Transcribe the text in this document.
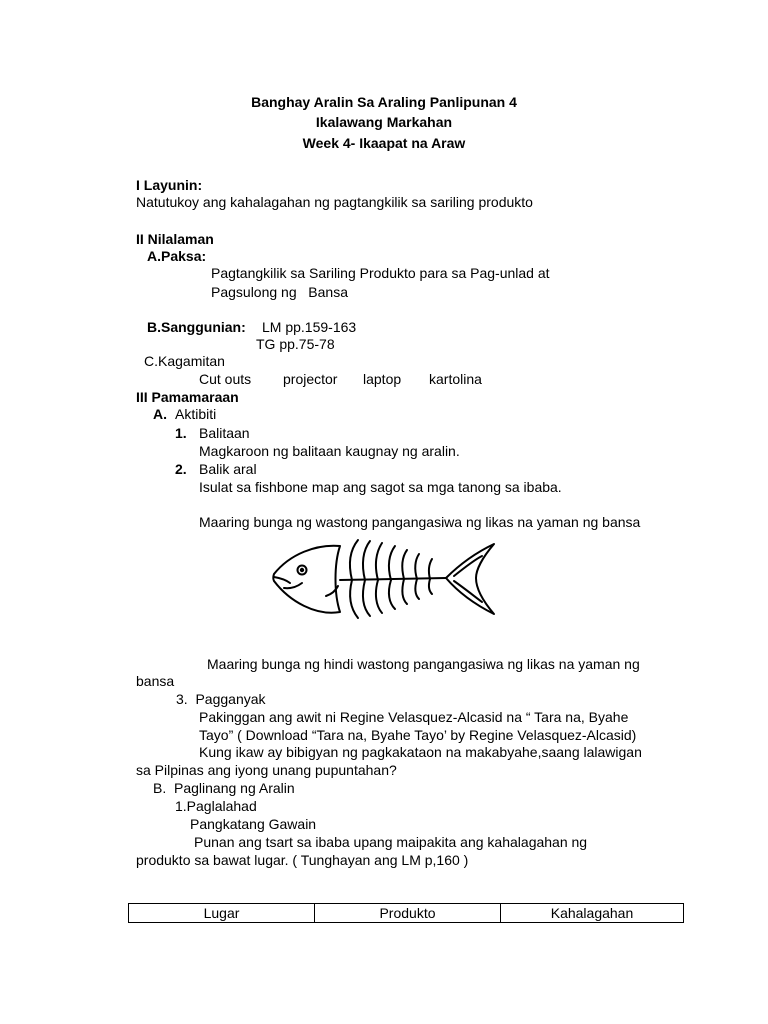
Banghay Aralin Sa Araling Panlipunan 4
Ikalawang Markahan
Week 4- Ikaapat na Araw
I Layunin:
Natutukoy ang kahalagahan ng pagtangkilik sa sariling produkto
II Nilalaman
A.Paksa:
Pagtangkilik sa Sariling Produkto para sa Pag-unlad at
Pagsulong ng   Bansa
B.Sanggunian: LM pp.159-163
TG pp.75-78
C.Kagamitan
Cut outs projector laptop kartolina
III Pamamaraan
A. Aktibiti
1. Balitaan
Magkaroon ng balitaan kaugnay ng aralin.
2. Balik aral
Isulat sa fishbone map ang sagot sa mga tanong sa ibaba.
Maaring bunga ng wastong pangangasiwa ng likas na yaman ng bansa
Maaring bunga ng hindi wastong pangangasiwa ng likas na yaman ng
bansa
3.  Pagganyak
Pakinggan ang awit ni Regine Velasquez-Alcasid na “ Tara na, Byahe
Tayo” ( Download “Tara na, Byahe Tayo’ by Regine Velasquez-Alcasid)
Kung ikaw ay bibigyan ng pagkakataon na makabyahe,saang lalawigan
sa Pilpinas ang iyong unang pupuntahan?
B.  Paglinang ng Aralin
1.Paglalahad
Pangkatang Gawain
Punan ang tsart sa ibaba upang maipakita ang kahalagahan ng
produkto sa bawat lugar. ( Tunghayan ang LM p,160 )
Lugar	Produkto	Kahalagahan
